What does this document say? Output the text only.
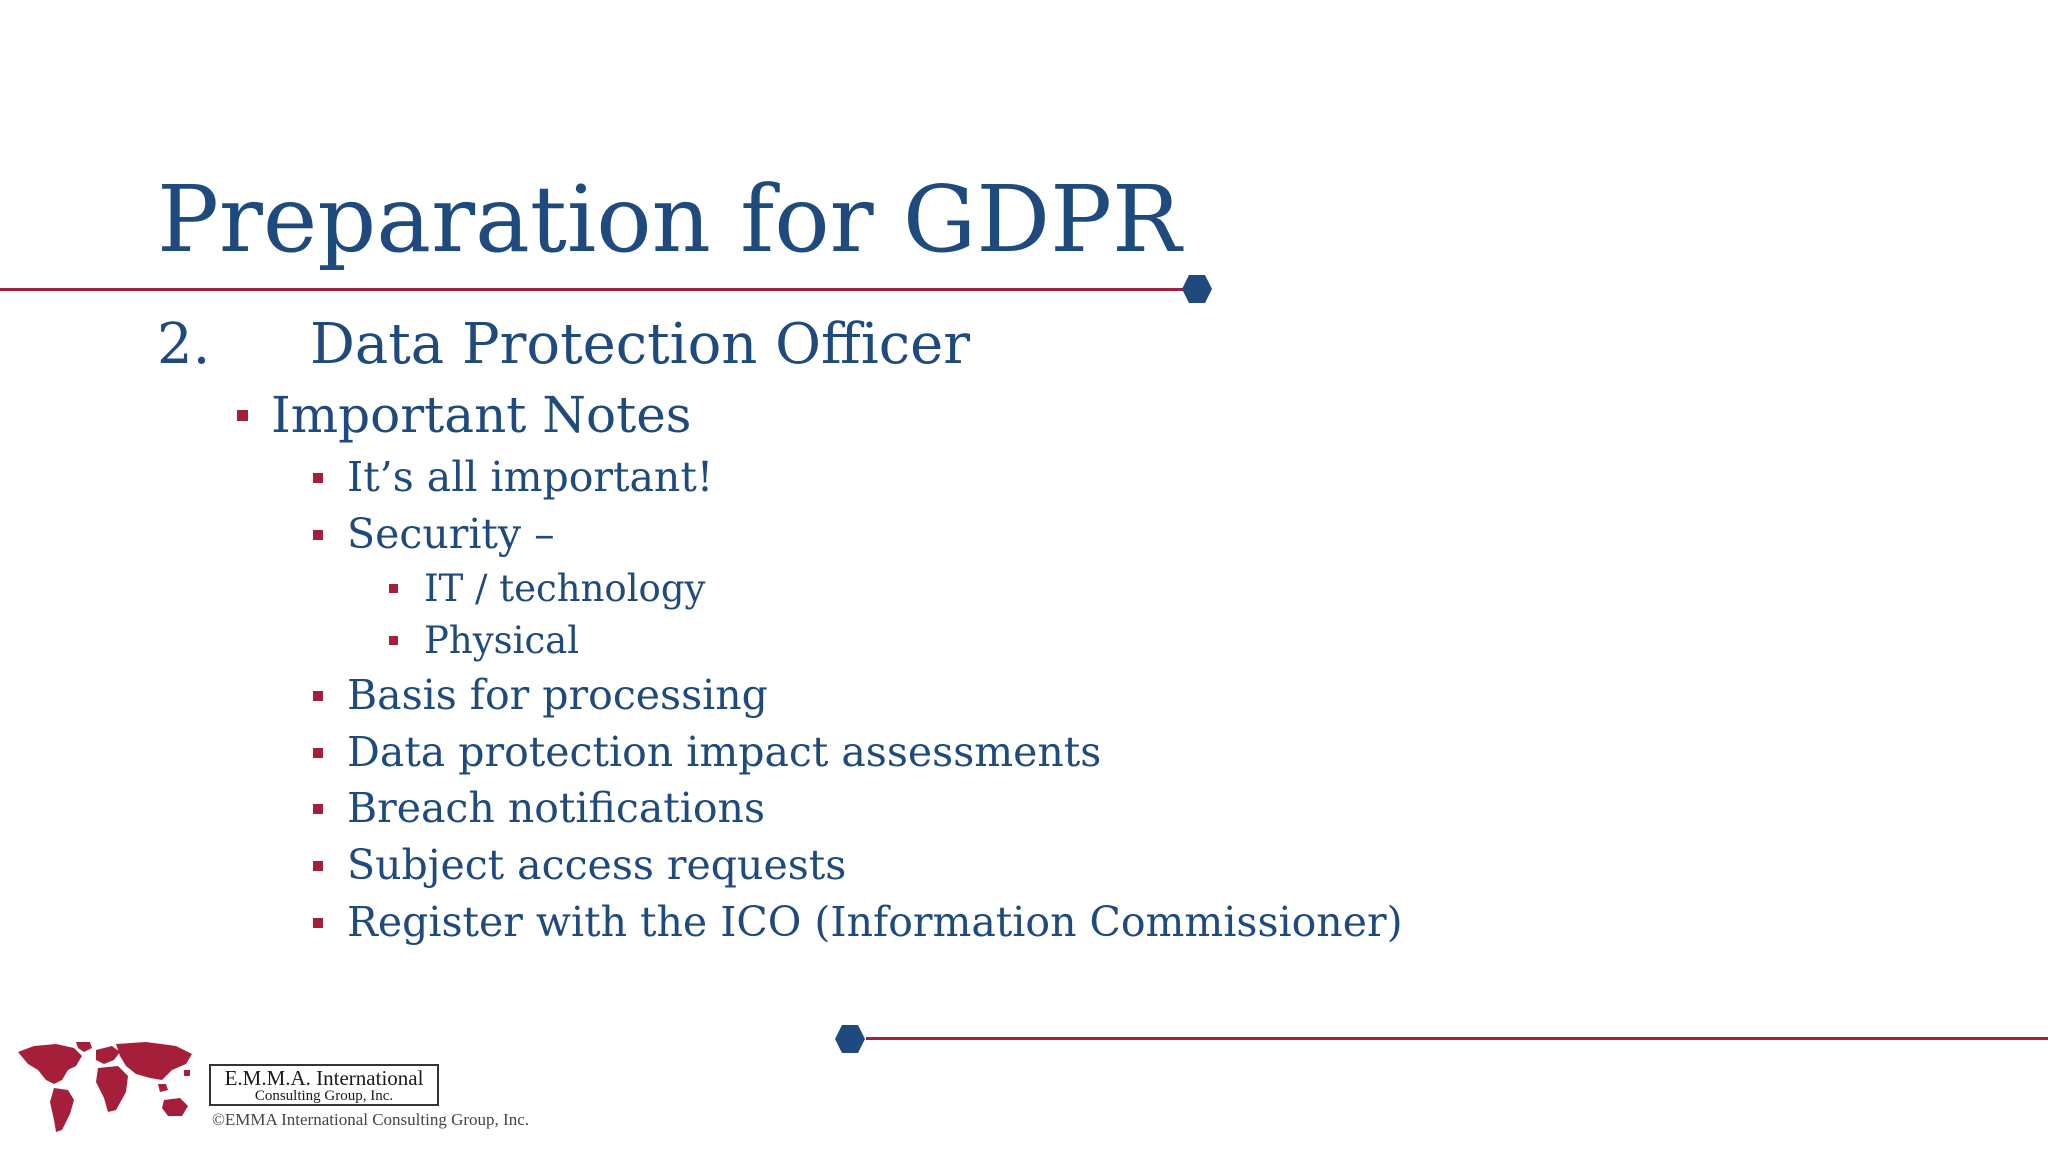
Preparation for GDPR
2. Data Protection Officer
Important Notes
It’s all important!
Security –
IT / technology
Physical
Basis for processing
Data protection impact assessments
Breach notifications
Subject access requests
Register with the ICO (Information Commissioner)
E.M.M.A. International
Consulting Group, Inc.
©EMMA International Consulting Group, Inc.
